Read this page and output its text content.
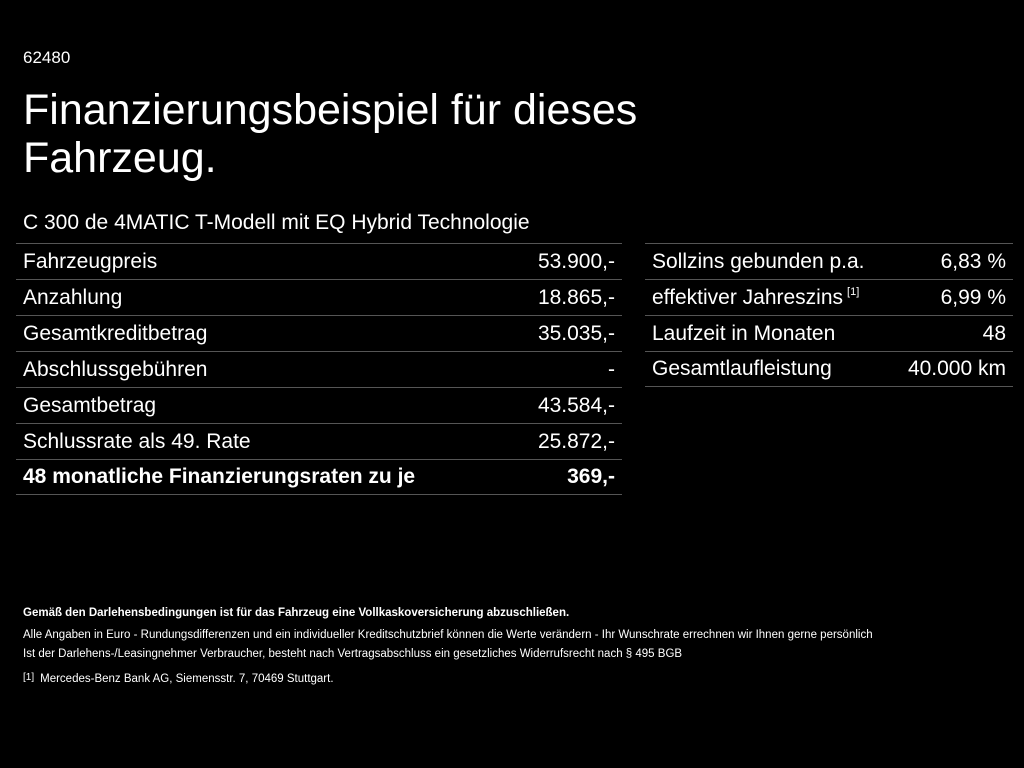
62480
Finanzierungsbeispiel für dieses Fahrzeug.
C 300 de 4MATIC T-Modell mit EQ Hybrid Technologie
Fahrzeugpreis	53.900,-
Anzahlung	18.865,-
Gesamtkreditbetrag	35.035,-
Abschlussgebühren	-
Gesamtbetrag	43.584,-
Schlussrate als 49. Rate	25.872,-
48 monatliche Finanzierungsraten zu je	369,-
Sollzins gebunden p.a.	6,83 %
effektiver Jahreszins [1]	6,99 %
Laufzeit in Monaten	48
Gesamtlaufleistung	40.000 km
Gemäß den Darlehensbedingungen ist für das Fahrzeug eine Vollkaskoversicherung abzuschließen.
Alle Angaben in Euro - Rundungsdifferenzen und ein individueller Kreditschutzbrief können die Werte verändern - Ihr Wunschrate errechnen wir Ihnen gerne persönlich
Ist der Darlehens-/Leasingnehmer Verbraucher, besteht nach Vertragsabschluss ein gesetzliches Widerrufsrecht nach § 495 BGB
[1] Mercedes-Benz Bank AG, Siemensstr. 7, 70469 Stuttgart.
